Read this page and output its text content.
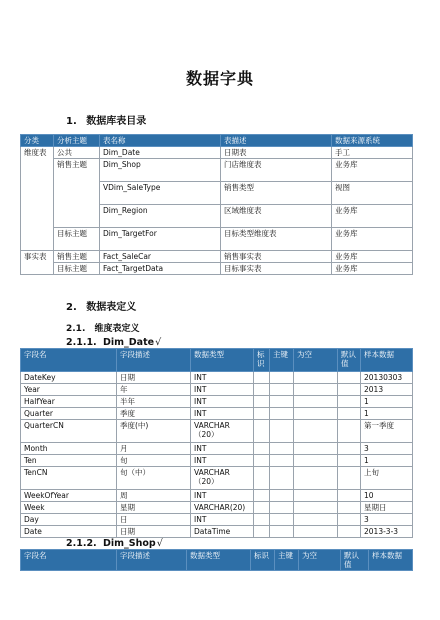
数据字典
1. 数据库表目录
分类	分析主题	表名称	表描述	数据来源系统
维度表	公共	Dim_Date	日期表	手工
	销售主题	Dim_Shop	门店维度表	业务库
		VDim_SaleType	销售类型	视图
		Dim_Region	区域维度表	业务库
	目标主题	Dim_TargetFor	目标类型维度表	业务库
事实表	销售主题	Fact_SaleCar	销售事实表	业务库
	目标主题	Fact_TargetData	目标事实表	业务库
2. 数据表定义
2.1. 维度表定义
2.1.1. Dim_Date√
字段名	字段描述	数据类型	标识	主键	为空	默认值	样本数据
DateKey	日期	INT					20130303
Year	年	INT					2013
HalfYear	半年	INT					1
Quarter	季度	INT					1
QuarterCN	季度(中)	VARCHAR（20）					第一季度
Month	月	INT					3
Ten	旬	INT					1
TenCN	旬（中）	VARCHAR（20）					上旬
WeekOfYear	周	INT					10
Week	星期	VARCHAR(20)					星期日
Day	日	INT					3
Date	日期	DataTime					2013-3-3
2.1.2. Dim_Shop√
字段名	字段描述	数据类型	标识	主键	为空	默认值	样本数据
